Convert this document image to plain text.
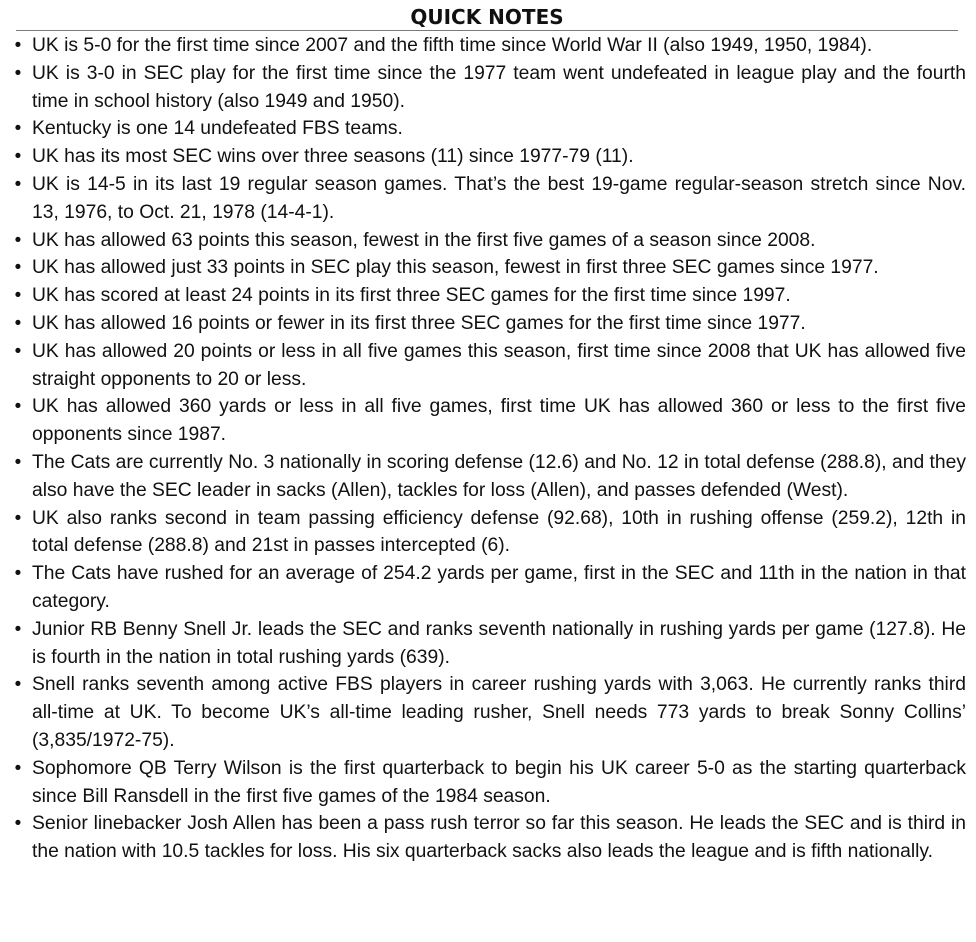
QUICK NOTES
• UK is 5-0 for the first time since 2007 and the fifth time since World War II (also 1949, 1950, 1984).
• UK is 3-0 in SEC play for the first time since the 1977 team went undefeated in league play and the fourth time in school history (also 1949 and 1950).
• Kentucky is one 14 undefeated FBS teams.
• UK has its most SEC wins over three seasons (11) since 1977-79 (11).
• UK is 14-5 in its last 19 regular season games. That’s the best 19-game regular-season stretch since Nov. 13, 1976, to Oct. 21, 1978 (14-4-1).
• UK has allowed 63 points this season, fewest in the first five games of a season since 2008.
• UK has allowed just 33 points in SEC play this season, fewest in first three SEC games since 1977.
• UK has scored at least 24 points in its first three SEC games for the first time since 1997.
• UK has allowed 16 points or fewer in its first three SEC games for the first time since 1977.
• UK has allowed 20 points or less in all five games this season, first time since 2008 that UK has allowed five straight opponents to 20 or less.
• UK has allowed 360 yards or less in all five games, first time UK has allowed 360 or less to the first five opponents since 1987.
• The Cats are currently No. 3 nationally in scoring defense (12.6) and No. 12 in total defense (288.8), and they also have the SEC leader in sacks (Allen), tackles for loss (Allen), and passes defended (West).
• UK also ranks second in team passing efficiency defense (92.68), 10th in rushing offense (259.2), 12th in total defense (288.8) and 21st in passes intercepted (6).
• The Cats have rushed for an average of 254.2 yards per game, first in the SEC and 11th in the nation in that category.
• Junior RB Benny Snell Jr. leads the SEC and ranks seventh nationally in rushing yards per game (127.8). He is fourth in the nation in total rushing yards (639).
• Snell ranks seventh among active FBS players in career rushing yards with 3,063. He currently ranks third all-time at UK. To become UK’s all-time leading rusher, Snell needs 773 yards to break Sonny Collins’ (3,835/1972-75).
• Sophomore QB Terry Wilson is the first quarterback to begin his UK career 5-0 as the starting quarterback since Bill Ransdell in the first five games of the 1984 season.
• Senior linebacker Josh Allen has been a pass rush terror so far this season. He leads the SEC and is third in the nation with 10.5 tackles for loss. His six quarterback sacks also leads the league and is fifth nationally.
